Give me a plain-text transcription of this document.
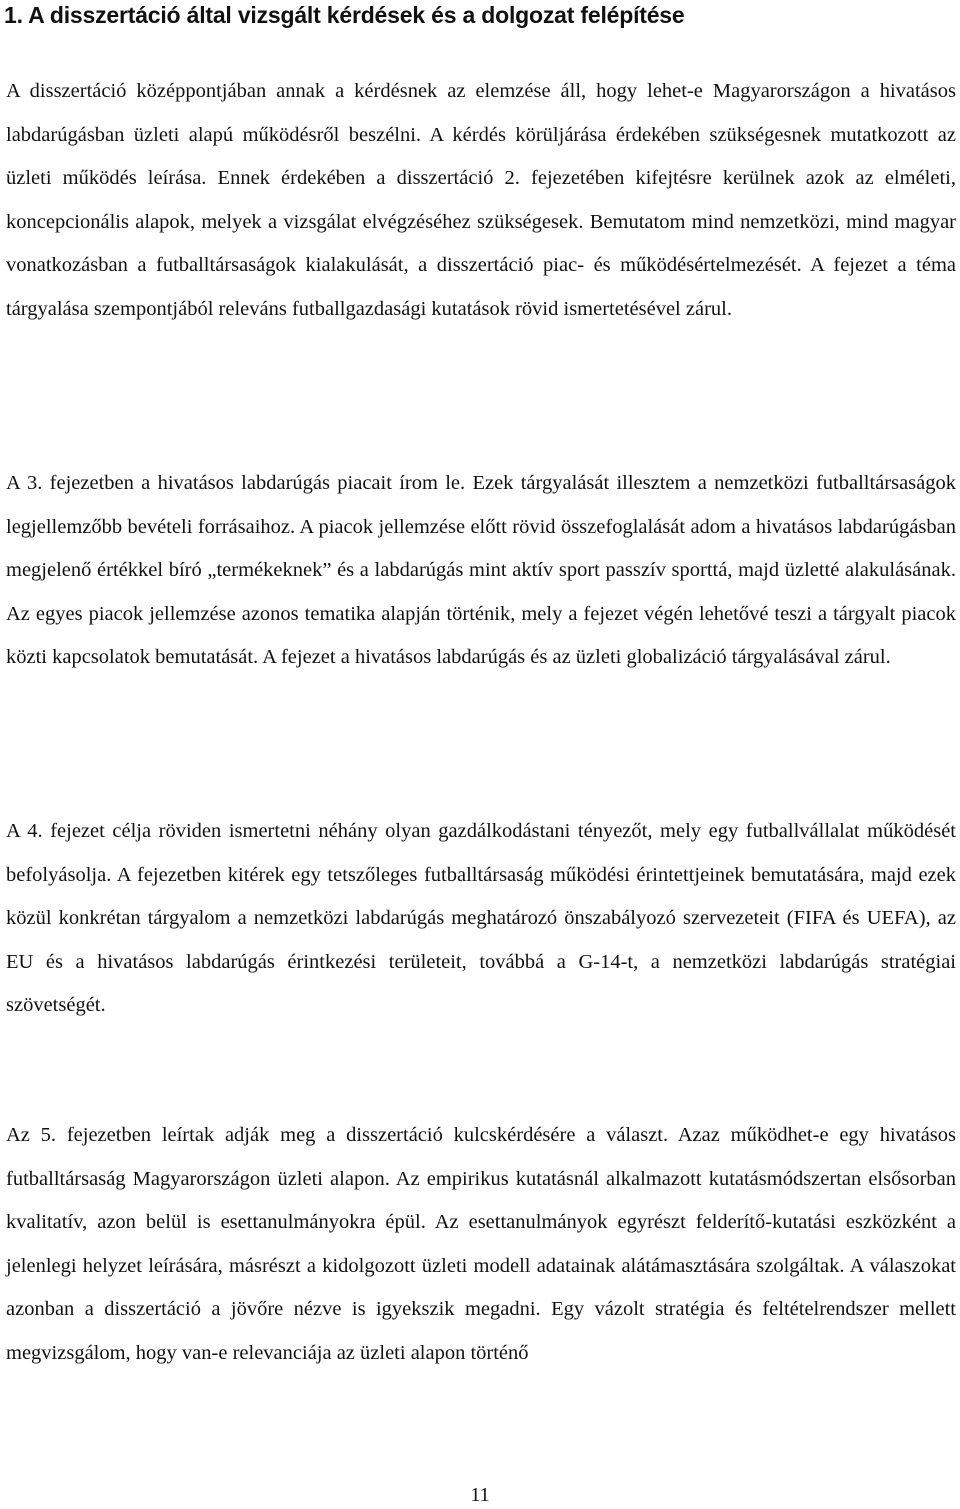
1. A disszertáció által vizsgált kérdések és a dolgozat felépítése

A disszertáció középpontjában annak a kérdésnek az elemzése áll, hogy lehet-e Magyarországon a hivatásos labdarúgásban üzleti alapú működésről beszélni. A kérdés körüljárása érdekében szükségesnek mutatkozott az üzleti működés leírása. Ennek érdekében a disszertáció 2. fejezetében kifejtésre kerülnek azok az elméleti, koncepcionális alapok, melyek a vizsgálat elvégzéséhez szükségesek. Bemutatom mind nemzetközi, mind magyar vonatkozásban a futballtársaságok kialakulását, a disszertáció piac- és működésértelmezését. A fejezet a téma tárgyalása szempontjából releváns futballgazdasági kutatások rövid ismertetésével zárul.

A 3. fejezetben a hivatásos labdarúgás piacait írom le. Ezek tárgyalását illesztem a nemzetközi futballtársaságok legjellemzőbb bevételi forrásaihoz. A piacok jellemzése előtt rövid összefoglalását adom a hivatásos labdarúgásban megjelenő értékkel bíró „termékeknek” és a labdarúgás mint aktív sport passzív sporttá, majd üzletté alakulásának. Az egyes piacok jellemzése azonos tematika alapján történik, mely a fejezet végén lehetővé teszi a tárgyalt piacok közti kapcsolatok bemutatását. A fejezet a hivatásos labdarúgás és az üzleti globalizáció tárgyalásával zárul.

A 4. fejezet célja röviden ismertetni néhány olyan gazdálkodástani tényezőt, mely egy futballvállalat működését befolyásolja. A fejezetben kitérek egy tetszőleges futballtársaság működési érintettjeinek bemutatására, majd ezek közül konkrétan tárgyalom a nemzetközi labdarúgás meghatározó önszabályozó szervezeteit (FIFA és UEFA), az EU és a hivatásos labdarúgás érintkezési területeit, továbbá a G-14-t, a nemzetközi labdarúgás stratégiai szövetségét.

Az 5. fejezetben leírtak adják meg a disszertáció kulcskérdésére a választ. Azaz működhet-e egy hivatásos futballtársaság Magyarországon üzleti alapon. Az empirikus kutatásnál alkalmazott kutatásmódszertan elsősorban kvalitatív, azon belül is esettanulmányokra épül. Az esettanulmányok egyrészt felderítő-kutatási eszközként a jelenlegi helyzet leírására, másrészt a kidolgozott üzleti modell adatainak alátámasztására szolgáltak. A válaszokat azonban a disszertáció a jövőre nézve is igyekszik megadni. Egy vázolt stratégia és feltételrendszer mellett megvizsgálom, hogy van-e relevanciája az üzleti alapon történő

11
